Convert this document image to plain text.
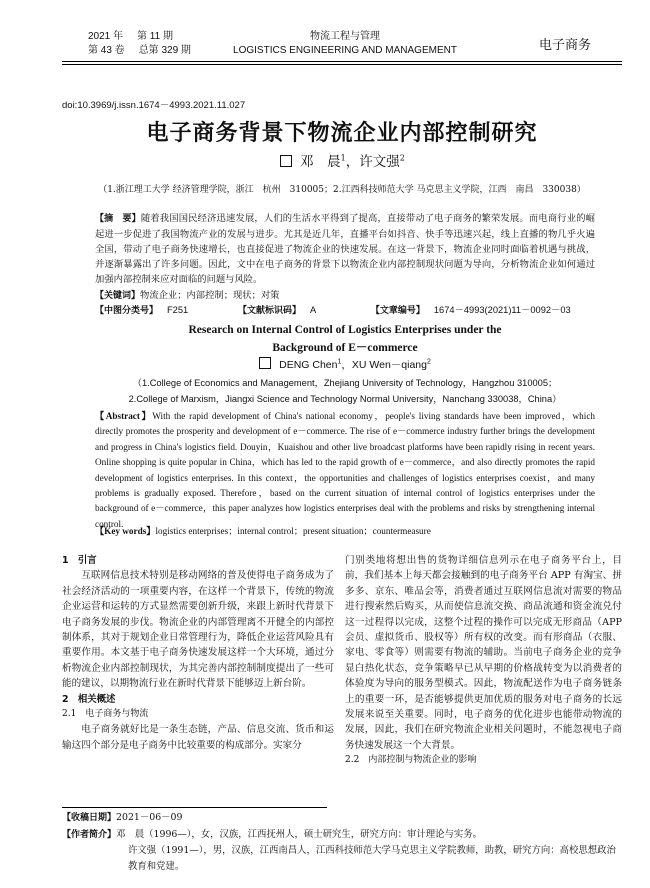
2021 年 第 11 期
第 43 卷 总第 329 期
物流工程与管理
LOGISTICS ENGINEERING AND MANAGEMENT	电子商务
doi:10.3969/j.issn.1674－4993.2021.11.027
电子商务背景下物流企业内部控制研究
邓　晨$^1$，许文强$^2$
（1.浙江理工大学 经济管理学院，浙江　杭州　310005；2.江西科技师范大学 马克思主义学院，江西　南昌　330038）
【摘　要】随着我国国民经济迅速发展，人们的生活水平得到了提高，直接带动了电子商务的繁荣发展。而电商行业的崛起进一步促进了我国物流产业的发展与进步。尤其是近几年，直播平台如抖音、快手等迅速兴起，线上直播的物几乎火遍全国，带动了电子商务快速增长，也直接促进了物流企业的快速发展。在这一背景下，物流企业同时面临着机遇与挑战，并逐渐暴露出了许多问题。因此，文中在电子商务的背景下以物流企业内部控制现状问题为导向，分析物流企业如何通过加强内部控制来应对面临的问题与风险。
【关键词】物流企业；内部控制；现状；对策
【中图分类号】 F251	【文献标识码】 A	【文章编号】 1674－4993(2021)11－0092－03
Research on Internal Control of Logistics Enterprises under the
Background of E－commerce
DENG Chen$^1$，XU Wen－qiang$^2$
（1.College of Economics and Management，Zhejiang University of Technology，Hangzhou 310005；
2.College of Marxism，Jiangxi Science and Technology Normal University，Nanchang 330038，China）
【Abstract】With the rapid development of China's national economy，people's living standards have been improved，which directly promotes the prosperity and development of e－commerce. The rise of e－commerce industry further brings the development and progress in China's logistics field. Douyin，Kuaishou and other live broadcast platforms have been rapidly rising in recent years. Online shopping is quite popular in China，which has led to the rapid growth of e－commerce，and also directly promotes the rapid development of logistics enterprises. In this context，the opportunities and challenges of logistics enterprises coexist，and many problems is gradually exposed. Therefore，based on the current situation of internal control of logistics enterprises under the background of e－commerce，this paper analyzes how logistics enterprises deal with the problems and risks by strengthening internal control.
【Key words】logistics enterprises；internal control；present situation；countermeasure

1　引言

互联网信息技术特别是移动网络的普及使得电子商务成为了社会经济活动的一项重要内容，在这样一个背景下，传统的物流企业运营和运转的方式显然需要创新升级，来跟上新时代背景下电子商务发展的步伐。物流企业的内部管理离不开健全的内部控制体系，其对于规划企业日常管理行为，降低企业运营风险具有重要作用。本文基于电子商务快速发展这样一个大环境，通过分析物流企业内部控制现状，为其完善内部控制制度提出了一些可能的建议，以期物流行业在新时代背景下能够迈上新台阶。

2　相关概述

2.1　电子商务与物流

电子商务就好比是一条生态链，产品、信息交流、货币和运输这四个部分是电子商务中比较重要的构成部分。实家分

门别类地将想出售的货物详细信息列示在电子商务平台上，目前，我们基本上每天都会接触到的电子商务平台 APP 有淘宝、拼多多、京东、唯品会等，消费者通过互联网信息流对需要的物品进行搜索然后购买，从而使信息流交换、商品流通和资金流兑付这一过程得以完成，这整个过程的操作可以完成无形商品（APP 会员、虚拟货币、股权等）所有权的改变。而有形商品（衣服、家电、零食等）则需要有物流的辅助。当前电子商务企业的竞争显白热化状态，竞争策略早已从早期的价格战转变为以消费者的体验度为导向的服务型模式。因此，物流配送作为电子商务链条上的重要一环，是否能够提供更加优质的服务对电子商务的长远发展来说至关重要。同时，电子商务的优化进步也能带动物流的发展，因此，我们在研究物流企业相关问题时，不能忽视电子商务快速发展这一个大背景。

2.2　内部控制与物流企业的影响

【收稿日期】2021－06－09
【作者简介】邓　晨（1996—），女，汉族，江西抚州人，硕士研究生，研究方向：审计理论与实务。
许文强（1991—），男，汉族，江西南昌人，江西科技师范大学马克思主义学院教师，助教，研究方向：高校思想政治教育和党建。
